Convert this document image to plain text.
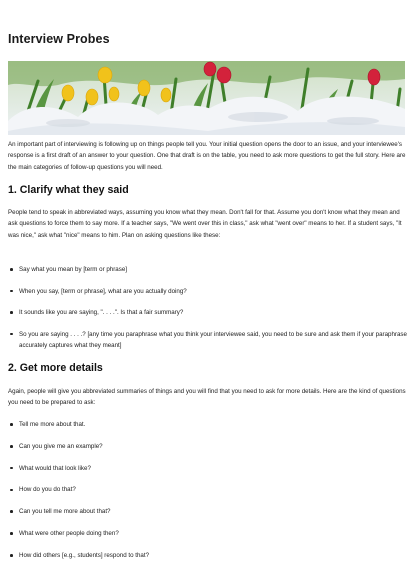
Interview Probes

An important part of interviewing is following up on things people tell you. Your initial question opens the door to an issue, and your interviewee's response is a first draft of an answer to your question. One that draft is on the table, you need to ask more questions to get the full story. Here are the main categories of follow-up questions you will need.

1. Clarify what they said

People tend to speak in abbreviated ways, assuming you know what they mean. Don't fall for that. Assume you don't know what they mean and ask questions to force them to say more. If a teacher says, "We went over this in class," ask what "went over" means to her. If a student says, "It was nice," ask what "nice" means to him. Plan on asking questions like these:

Say what you mean by [term or phrase]
When you say, [term or phrase], what are you actually doing?
It sounds like you are saying, ". . . .". Is that a fair summary?
So you are saying . . . .? [any time you paraphrase what you think your interviewee said, you need to be sure and ask them if your paraphrase accurately captures what they meant]
2. Get more details

Again, people will give you abbreviated summaries of things and you will find that you need to ask for more details. Here are the kind of questions you need to be prepared to ask:

Tell me more about that.
Can you give me an example?
What would that look like?
How do you do that?
Can you tell me more about that?
What were other people doing then?
How did others [e.g., students] respond to that?
